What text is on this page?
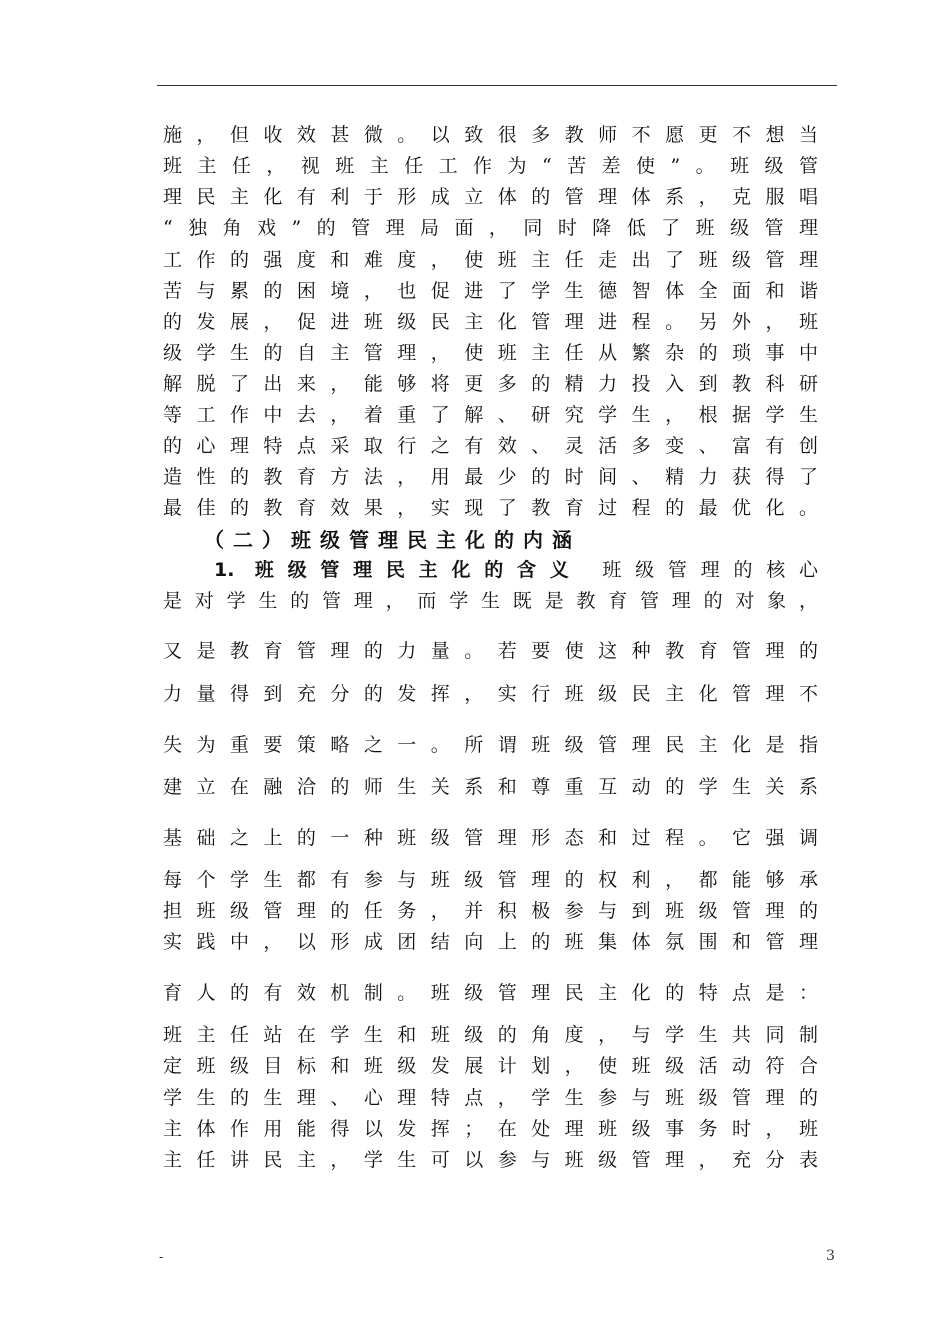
施，但收效甚微。以致很多教师不愿更不想当
班主任，视班主任工作为“苦差使”。班级管
理民主化有利于形成立体的管理体系，克服唱
“独角戏”的管理局面，同时降低了班级管理
工作的强度和难度，使班主任走出了班级管理
苦与累的困境，也促进了学生德智体全面和谐
的发展，促进班级民主化管理进程。另外，班
级学生的自主管理，使班主任从繁杂的琐事中
解脱了出来，能够将更多的精力投入到教科研
等工作中去，着重了解、研究学生，根据学生
的心理特点采取行之有效、灵活多变、富有创
造性的教育方法，用最少的时间、精力获得了
最佳的教育效果，实现了教育过程的最优化。
（二）班级管理民主化的内涵
1. 班级管理民主化的含义 班级管理的核心
是对学生的管理，而学生既是教育管理的对象，
又是教育管理的力量。若要使这种教育管理的
力量得到充分的发挥，实行班级民主化管理不
失为重要策略之一。所谓班级管理民主化是指
建立在融洽的师生关系和尊重互动的学生关系
基础之上的一种班级管理形态和过程。它强调
每个学生都有参与班级管理的权利，都能够承
担班级管理的任务，并积极参与到班级管理的
实践中，以形成团结向上的班集体氛围和管理
育人的有效机制。班级管理民主化的特点是：
班主任站在学生和班级的角度，与学生共同制
定班级目标和班级发展计划，使班级活动符合
学生的生理、心理特点，学生参与班级管理的
主体作用能得以发挥；在处理班级事务时，班
主任讲民主，学生可以参与班级管理，充分表
-	3
